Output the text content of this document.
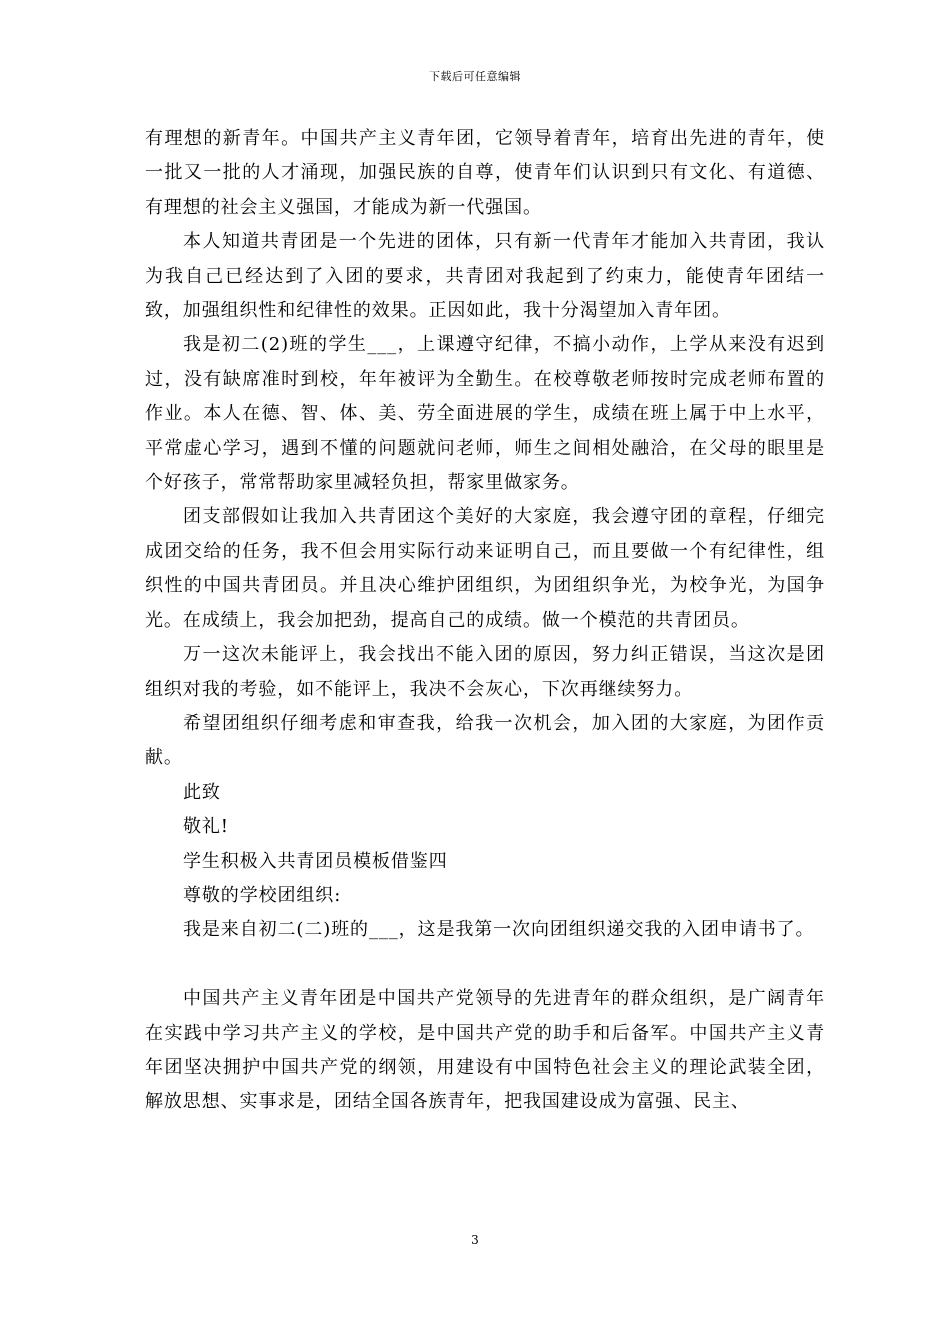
下载后可任意编辑

有理想的新青年。中国共产主义青年团，它领导着青年，培育出先进的青年，使一批又一批的人才涌现，加强民族的自尊，使青年们认识到只有文化、有道德、有理想的社会主义强国，才能成为新一代强国。

本人知道共青团是一个先进的团体，只有新一代青年才能加入共青团，我认为我自己已经达到了入团的要求，共青团对我起到了约束力，能使青年团结一致，加强组织性和纪律性的效果。正因如此，我十分渴望加入青年团。

我是初二(2)班的学生___，上课遵守纪律，不搞小动作，上学从来没有迟到过，没有缺席准时到校，年年被评为全勤生。在校尊敬老师按时完成老师布置的作业。本人在德、智、体、美、劳全面进展的学生，成绩在班上属于中上水平，平常虚心学习，遇到不懂的问题就问老师，师生之间相处融洽，在父母的眼里是个好孩子，常常帮助家里减轻负担，帮家里做家务。

团支部假如让我加入共青团这个美好的大家庭，我会遵守团的章程，仔细完成团交给的任务，我不但会用实际行动来证明自己，而且要做一个有纪律性，组织性的中国共青团员。并且决心维护团组织，为团组织争光，为校争光，为国争光。在成绩上，我会加把劲，提高自己的成绩。做一个模范的共青团员。

万一这次未能评上，我会找出不能入团的原因，努力纠正错误，当这次是团组织对我的考验，如不能评上，我决不会灰心，下次再继续努力。

希望团组织仔细考虑和审查我，给我一次机会，加入团的大家庭，为团作贡献。

此致

敬礼!

学生积极入共青团员模板借鉴四

尊敬的学校团组织:

我是来自初二(二)班的___，这是我第一次向团组织递交我的入团申请书了。

中国共产主义青年团是中国共产党领导的先进青年的群众组织，是广阔青年在实践中学习共产主义的学校，是中国共产党的助手和后备军。中国共产主义青年团坚决拥护中国共产党的纲领，用建设有中国特色社会主义的理论武装全团，解放思想、实事求是，团结全国各族青年，把我国建设成为富强、民主、

3
